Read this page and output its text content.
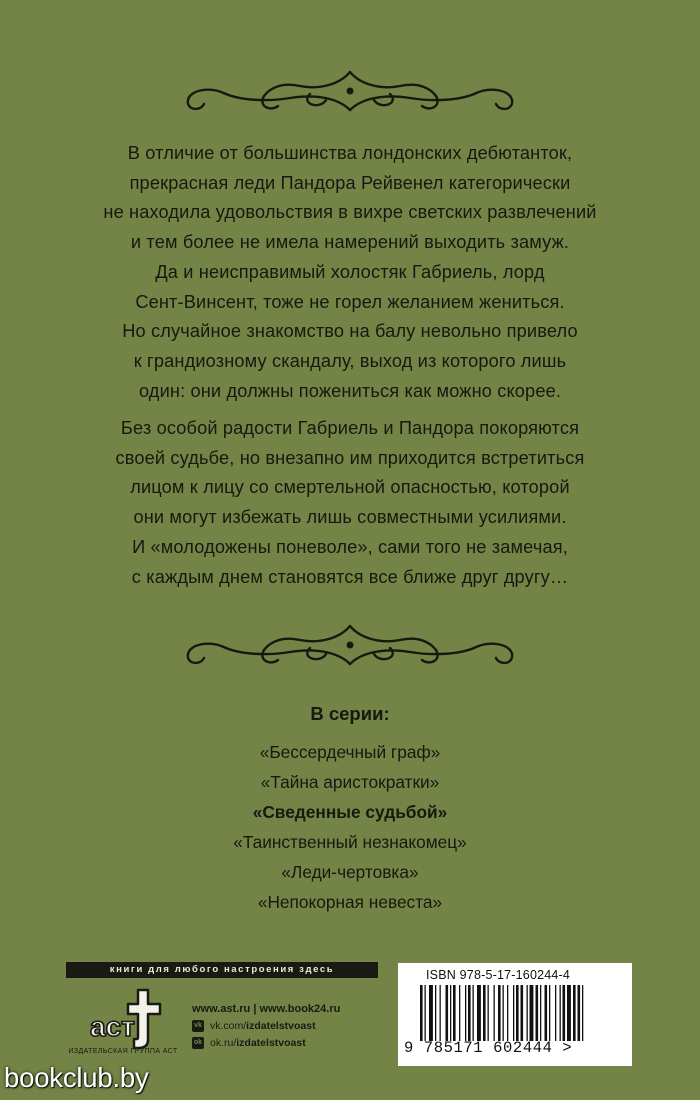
В отличие от большинства лондонских дебютанток,
прекрасная леди Пандора Рейвенел категорически
не находила удовольствия в вихре светских развлечений
и тем более не имела намерений выходить замуж.
Да и неисправимый холостяк Габриель, лорд
Сент-Винсент, тоже не горел желанием жениться.
Но случайное знакомство на балу невольно привело
к грандиозному скандалу, выход из которого лишь
один: они должны пожениться как можно скорее.
Без особой радости Габриель и Пандора покоряются
своей судьбе, но внезапно им приходится встретиться
лицом к лицу со смертельной опасностью, которой
они могут избежать лишь совместными усилиями.
И «молодожены поневоле», сами того не замечая,
с каждым днем становятся все ближе друг другу…
В серии:
«Бессердечный граф»
«Тайна аристократки»
«Сведенные судьбой»
«Таинственный незнакомец»
«Леди-чертовка»
«Непокорная невеста»
книги для любого настроения здесь
аст
ИЗДАТЕЛЬСКАЯ ГРУППА АСТ
www.ast.ru | www.book24.ru
vk vk.com/izdatelstvoast
ok ok.ru/izdatelstvoast
ISBN 978-5-17-160244-4
9 785171 602444 >
bookclub.by
